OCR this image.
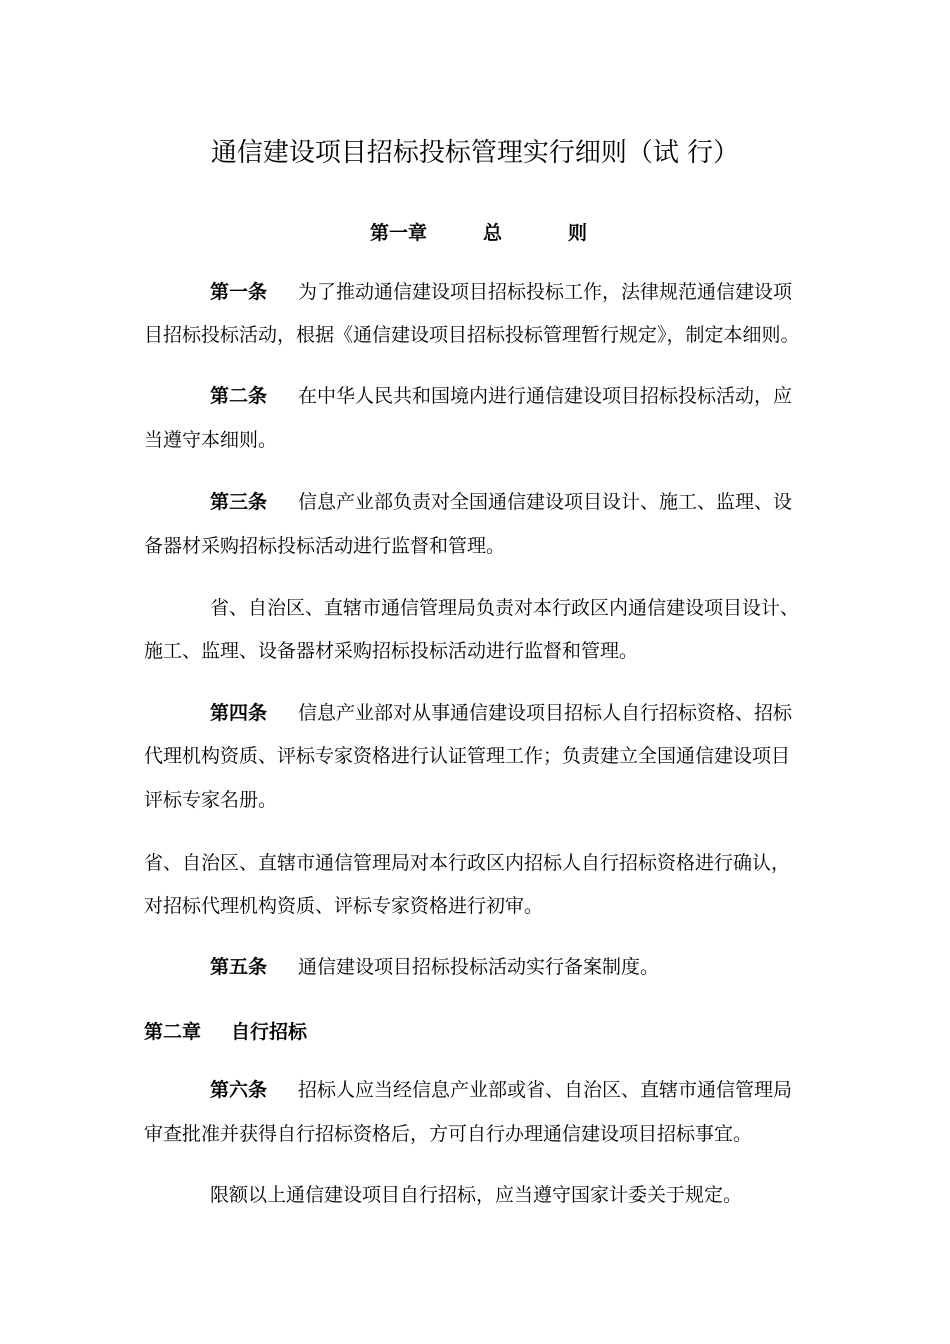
通信建设项目招标投标管理实行细则（试 行）
第一章	总	则
第一条 为了推动通信建设项目招标投标工作，法律规范通信建设项
目招标投标活动，根据《通信建设项目招标投标管理暂行规定》，制定本细则。
第二条 在中华人民共和国境内进行通信建设项目招标投标活动，应
当遵守本细则。
第三条 信息产业部负责对全国通信建设项目设计、施工、监理、设
备器材采购招标投标活动进行监督和管理。
省、自治区、直辖市通信管理局负责对本行政区内通信建设项目设计、
施工、监理、设备器材采购招标投标活动进行监督和管理。
第四条 信息产业部对从事通信建设项目招标人自行招标资格、招标
代理机构资质、评标专家资格进行认证管理工作；负责建立全国通信建设项目
评标专家名册。
省、自治区、直辖市通信管理局对本行政区内招标人自行招标资格进行确认，
对招标代理机构资质、评标专家资格进行初审。
第五条 通信建设项目招标投标活动实行备案制度。
第二章 自行招标
第六条 招标人应当经信息产业部或省、自治区、直辖市通信管理局
审查批准并获得自行招标资格后，方可自行办理通信建设项目招标事宜。
限额以上通信建设项目自行招标，应当遵守国家计委关于规定。
